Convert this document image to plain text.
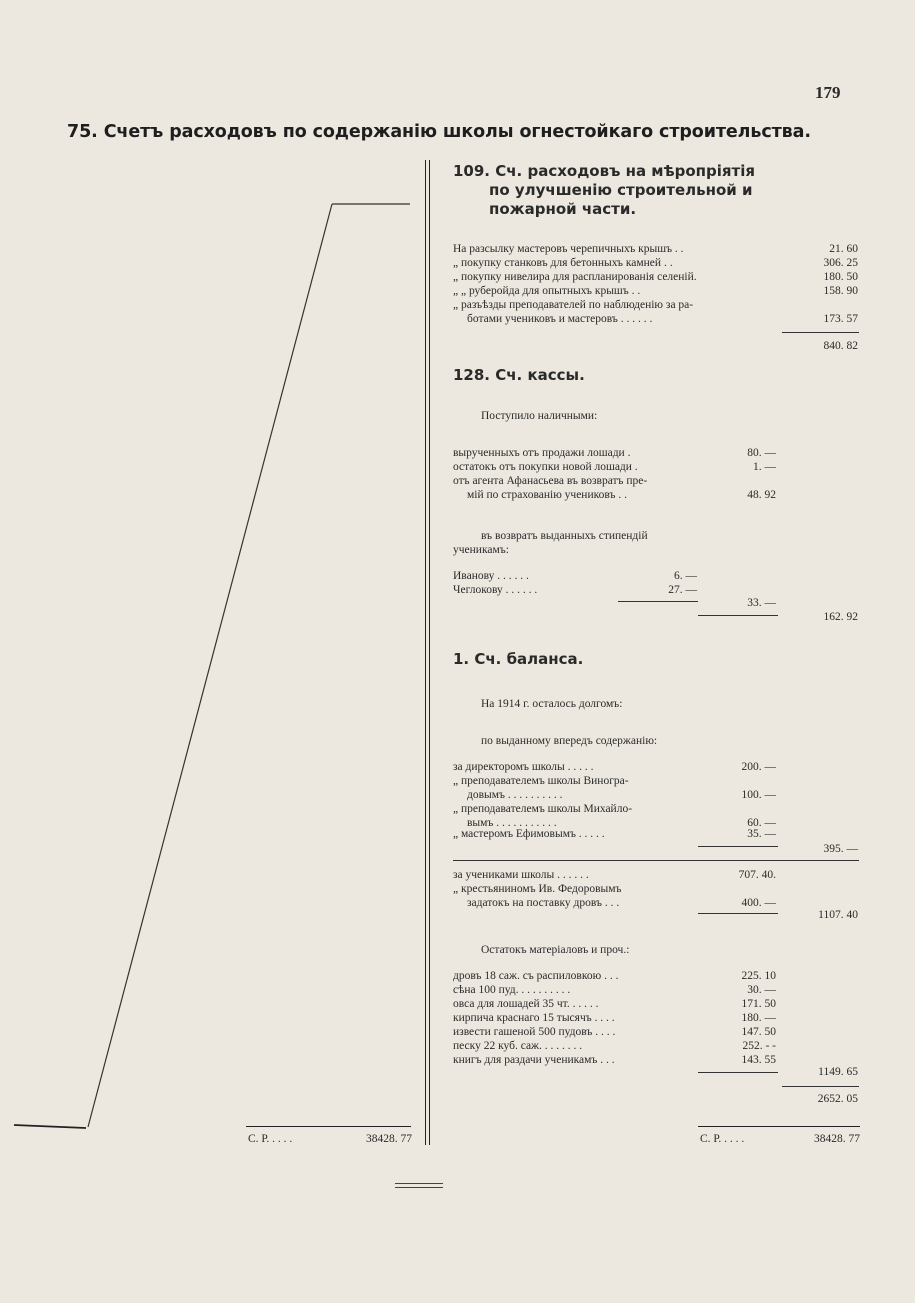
179
75. Счетъ расходовъ по содержанію школы огнестойкаго строительства.
С. Р. . . . .	38428. 77
109. Сч. расходовъ на мѣропріятія
по улучшенію строительной и
пожарной части.
На разсылку мастеровъ черепичныхъ крышъ . .	21. 60
„ покупку станковъ для бетонныхъ камней . .	306. 25
„ покупку нивелира для распланированія селеній.	180. 50
„ „ руберойда для опытныхъ крышъ . .	158. 90
„ разъѣзды преподавателей по наблюденію за ра-
ботами учениковъ и мастеровъ . . . . . .	173. 57
840. 82
128. Сч. кассы.
Поступило наличными:
вырученныхъ отъ продажи лошади .	80. —
остатокъ отъ покупки новой лошади .	1. —
отъ агента Афанасьева въ возвратъ пре-
мій по страхованію учениковъ . .	48. 92
въ возвратъ выданныхъ стипендій
ученикамъ:
Иванову . . . . . .	6. —
Чеглокову . . . . . .	27. —
33. —
162. 92
1. Сч. баланса.
На 1914 г. осталось долгомъ:
по выданному впередъ содержанію:
за директоромъ школы . . . . .	200. —
„ преподавателемъ школы Виногра-
довымъ . . . . . . . . . .	100. —
„ преподавателемъ школы Михайло-
вымъ . . . . . . . . . . .	60. —
„ мастеромъ Ефимовымъ . . . . .	35. —
395. —
за учениками школы . . . . . .	707. 40.
„ крестьяниномъ Ив. Федоровымъ
задатокъ на поставку дровъ . . .	400. —
1107. 40
Остатокъ матеріаловъ и проч.:
дровъ 18 саж. съ распиловкою . . .	225. 10
сѣна 100 пуд. . . . . . . . . .	30. —
овса для лошадей 35 чт. . . . . .	171. 50
кирпича краснаго 15 тысячъ . . . .	180. —
извести гашеной 500 пудовъ . . . .	147. 50
песку 22 куб. саж. . . . . . . .	252. - -
книгъ для раздачи ученикамъ . . .	143. 55
1149. 65
2652. 05
С. Р. . . . .	38428. 77
